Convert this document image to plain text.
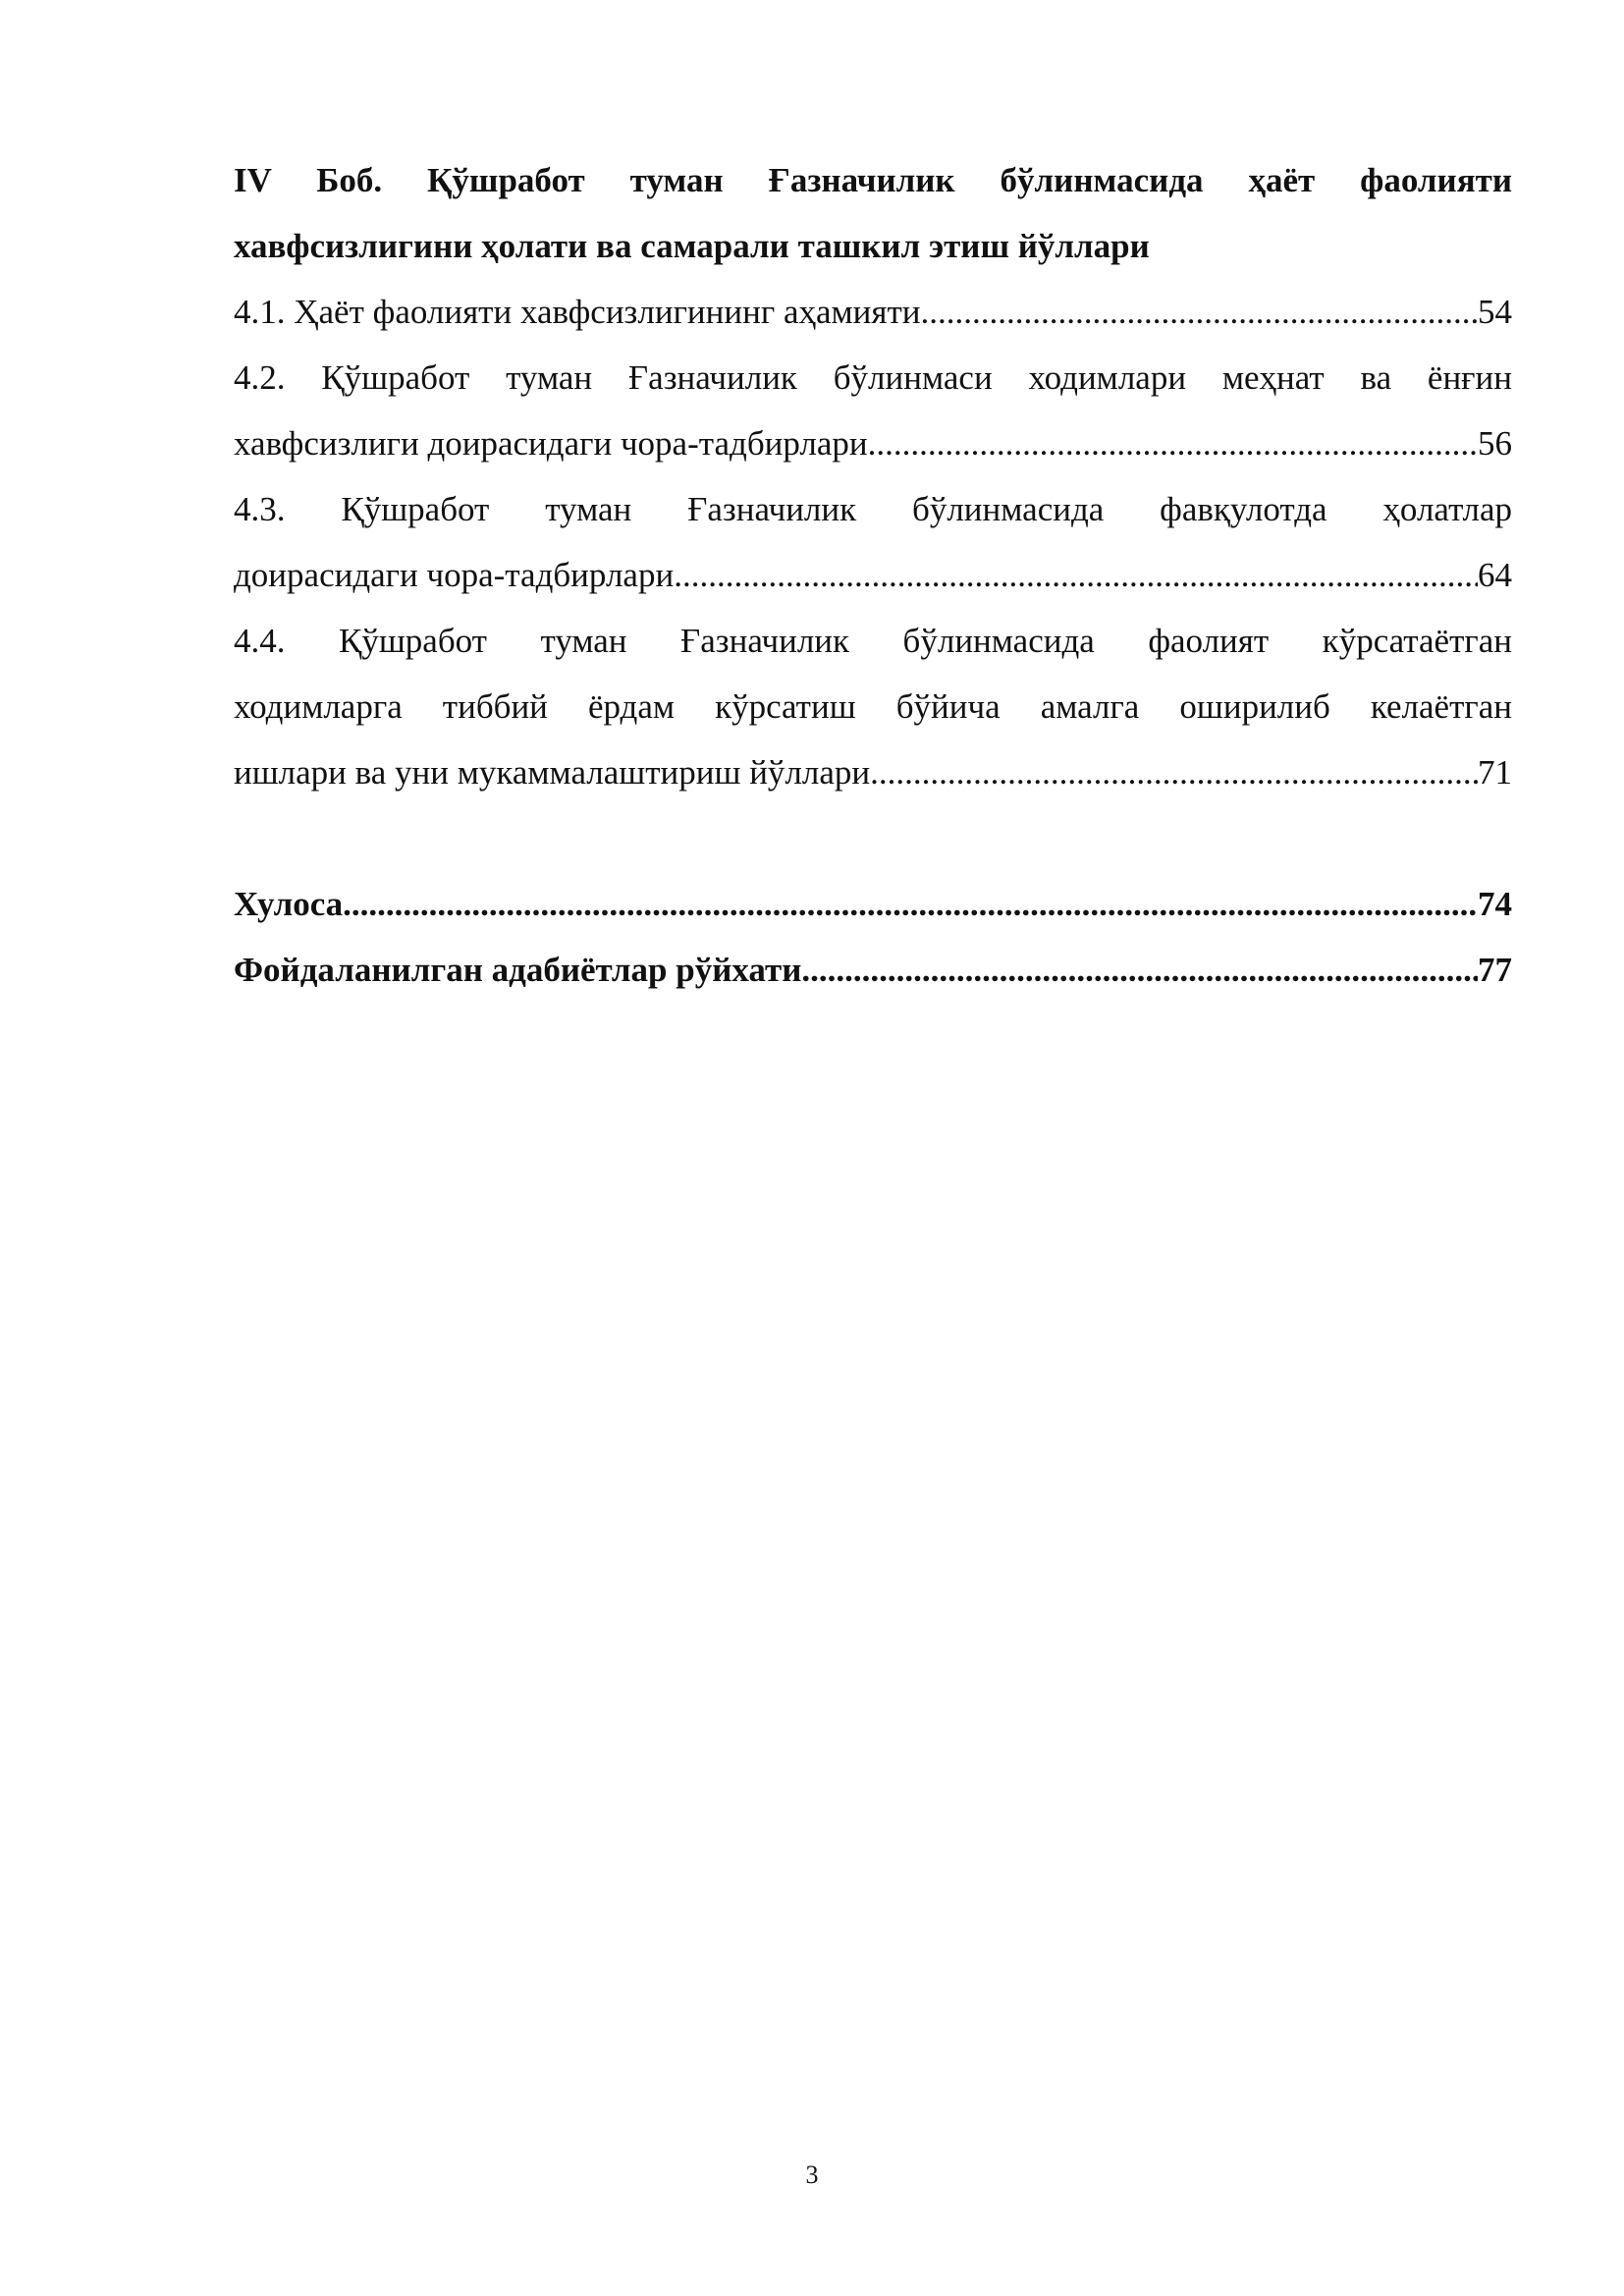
IV Боб. Қўшработ туман Ғазначилик бўлинмасида ҳаёт фаолияти
хавфсизлигини ҳолати ва самарали ташкил этиш йўллари
4.1. Ҳаёт фаолияти хавфсизлигининг аҳамияти .....	54
4.2. Қўшработ туман Ғазначилик бўлинмаси ходимлари меҳнат ва ёнғин
хавфсизлиги доирасидаги чора-тадбирлари .....	56
4.3. Қўшработ туман Ғазначилик бўлинмасида фавқулотда ҳолатлар
доирасидаги чора-тадбирлари .....	64
4.4. Қўшработ туман Ғазначилик бўлинмасида фаолият кўрсатаётган
ходимларга тиббий ёрдам кўрсатиш бўйича амалга оширилиб келаётган
ишлари ва уни мукаммалаштириш йўллари .....	71
Хулоса .....	74
Фойдаланилган адабиётлар рўйхати .....	77
3
